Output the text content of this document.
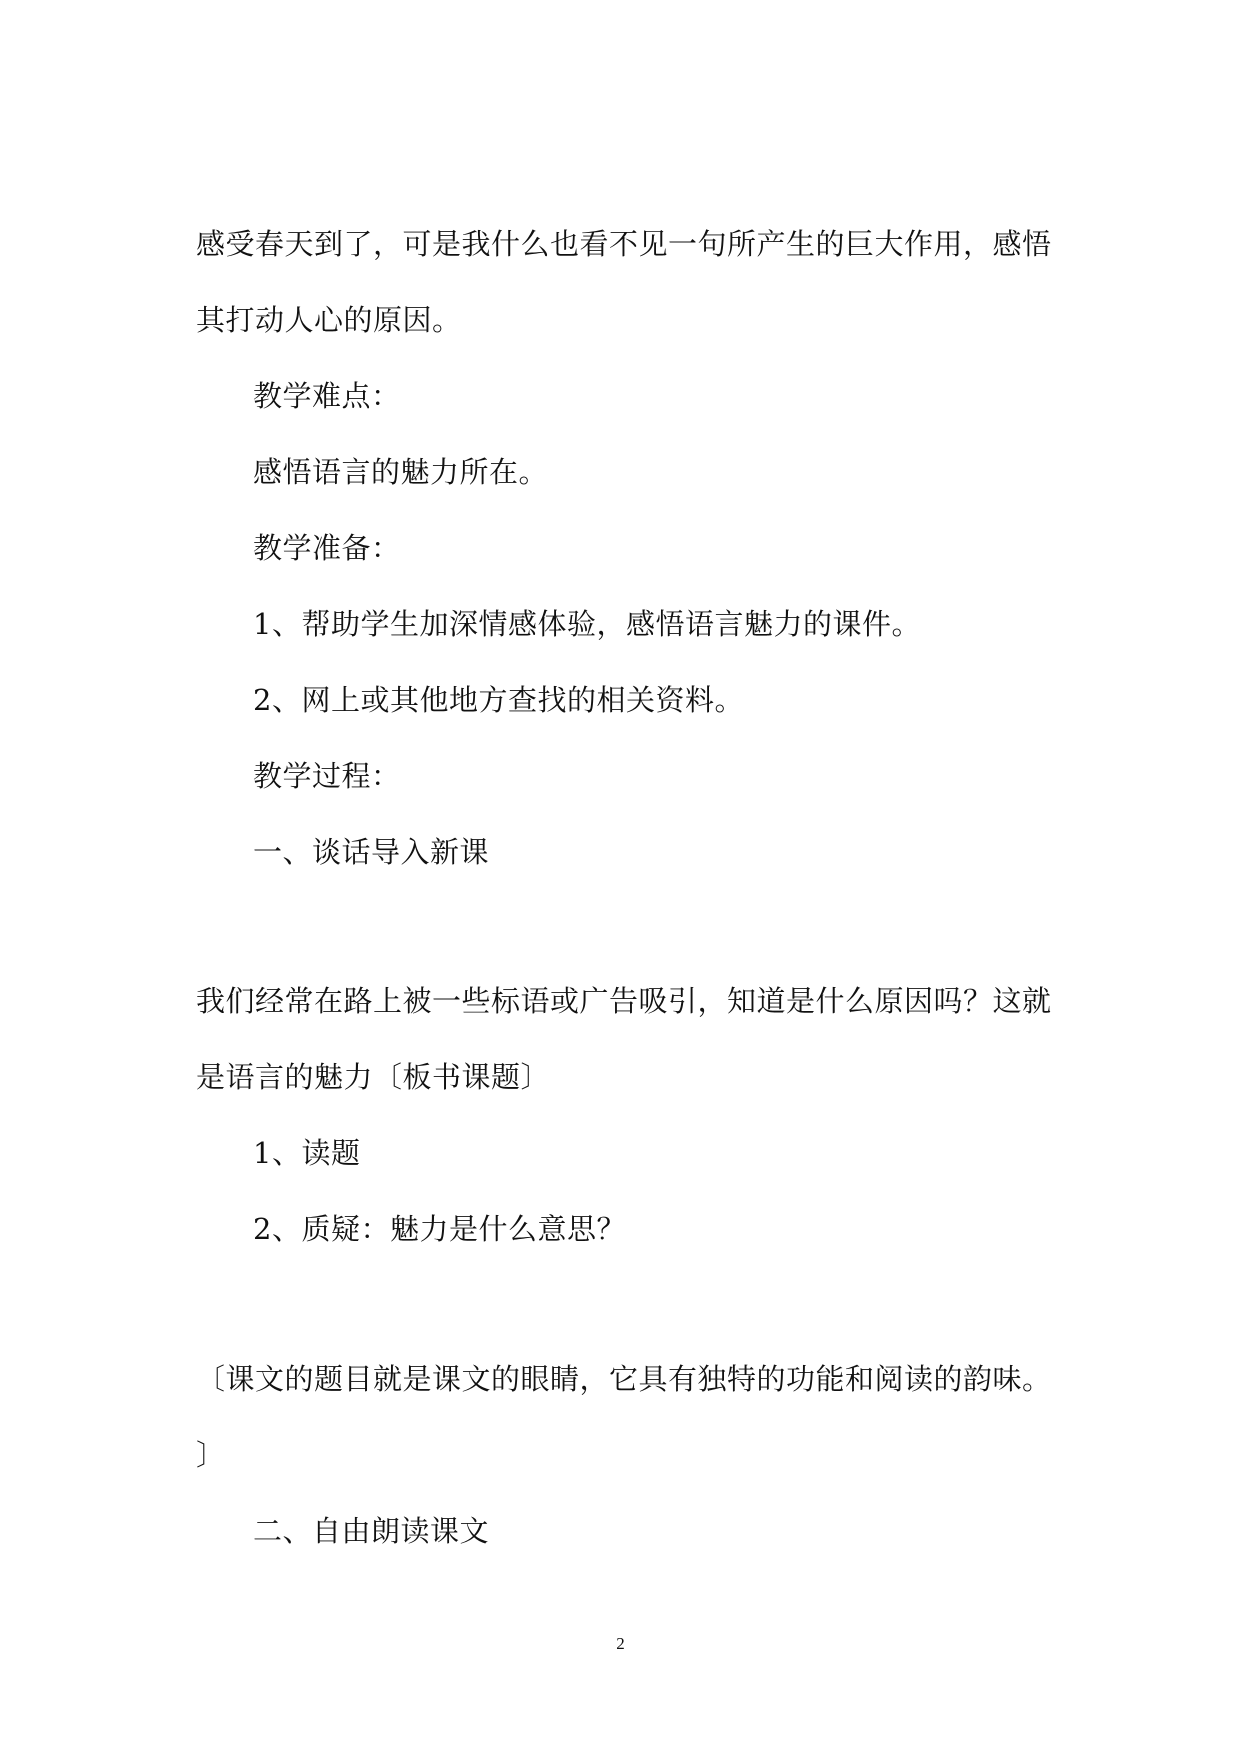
感受春天到了，可是我什么也看不见一句所产生的巨大作用，感悟
其打动人心的原因。
教学难点：
感悟语言的魅力所在。
教学准备：
1、帮助学生加深情感体验，感悟语言魅力的课件。
2、网上或其他地方查找的相关资料。
教学过程：
一、谈话导入新课
我们经常在路上被一些标语或广告吸引，知道是什么原因吗？这就
是语言的魅力〔板书课题〕
1、读题
2、质疑：魅力是什么意思？
〔课文的题目就是课文的眼睛，它具有独特的功能和阅读的韵味。
〕
二、自由朗读课文
2
